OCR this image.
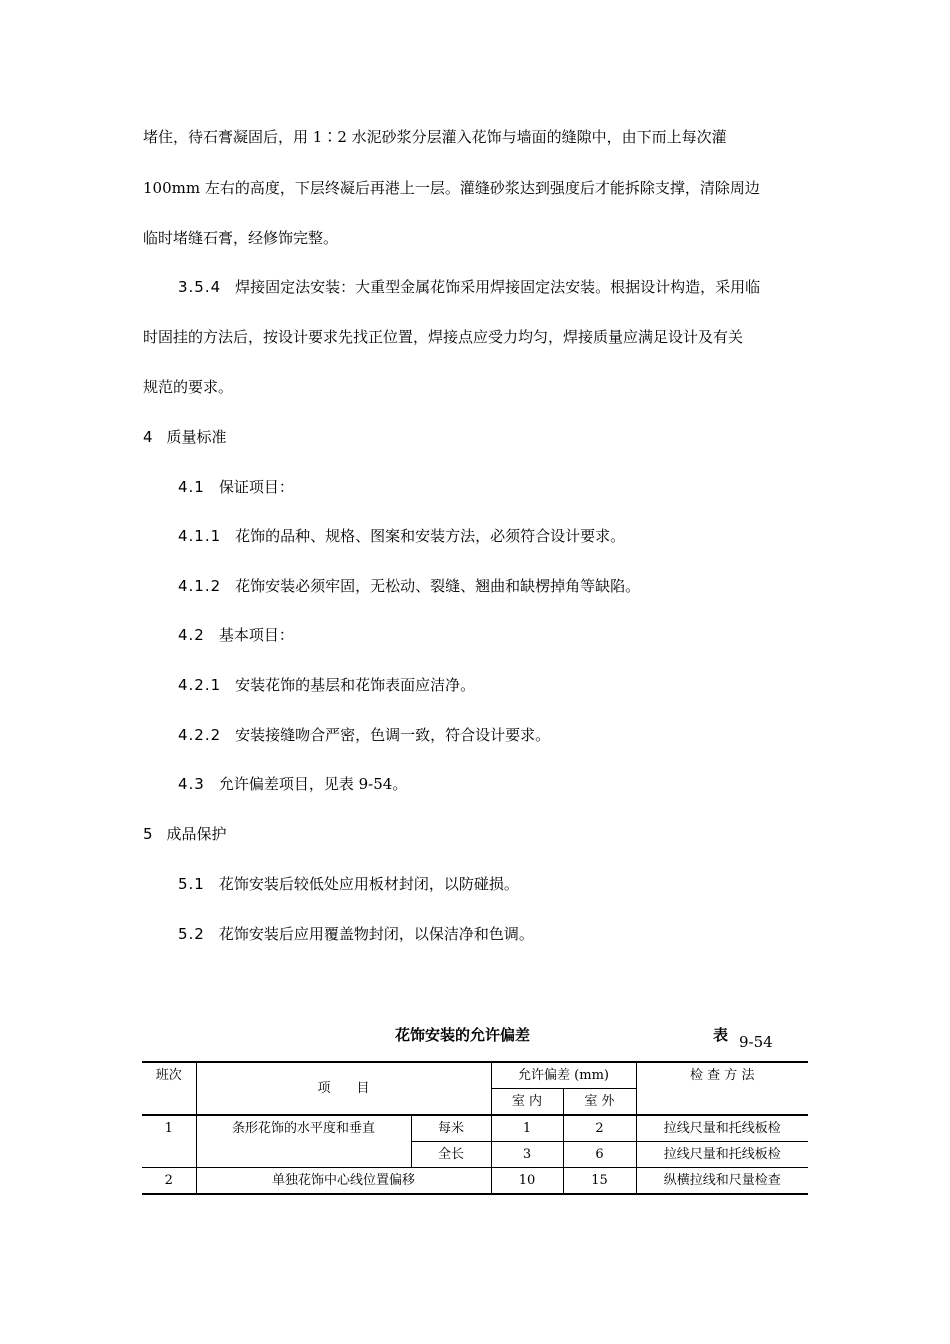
堵住，待石膏凝固后，用 1∶2 水泥砂浆分层灌入花饰与墙面的缝隙中，由下而上每次灌
100mm 左右的高度，下层终凝后再港上一层。灌缝砂浆达到强度后才能拆除支撑，清除周边
临时堵缝石膏，经修饰完整。
3.5.4 焊接固定法安装：大重型金属花饰采用焊接固定法安装。根据设计构造，采用临
时固挂的方法后，按设计要求先找正位置，焊接点应受力均匀，焊接质量应满足设计及有关
规范的要求。
4 质量标准
4.1 保证项目：
4.1.1 花饰的品种、规格、图案和安装方法，必须符合设计要求。
4.1.2 花饰安装必须牢固，无松动、裂缝、翘曲和缺楞掉角等缺陷。
4.2 基本项目：
4.2.1 安装花饰的基层和花饰表面应洁净。
4.2.2 安装接缝吻合严密，色调一致，符合设计要求。
4.3 允许偏差项目，见表 9-54。
5 成品保护
5.1 花饰安装后较低处应用板材封闭，以防碰损。
5.2 花饰安装后应用覆盖物封闭，以保洁净和色调。
花饰安装的允许偏差	表 9-54
班次	项　　目		允许偏差 (mm)		检 查 方 法
			室 内	室 外	
1	条形花饰的水平度和垂直	每米	1	2	拉线尺量和托线板检
		全长	3	6	拉线尺量和托线板检
2	单独花饰中心线位置偏移		10	15	纵横拉线和尺量检查
